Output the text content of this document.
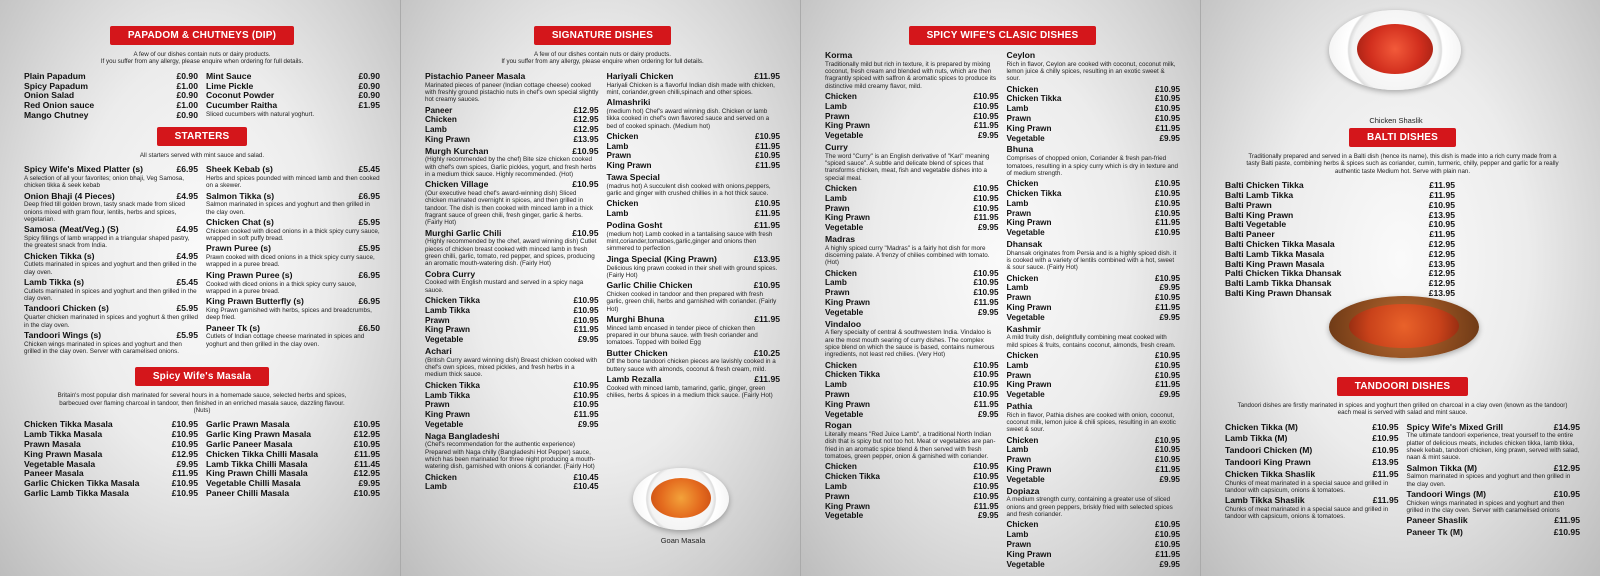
PAPADOM & CHUTNEYS (DIP)
A few of our dishes contain nuts or dairy products.
If you suffer from any allergy, please enquire when ordering for full details.
Plain Papadum	£0.90
Spicy Papadum	£1.00
Onion Salad	£0.90
Red Onion sauce	£1.00
Mango Chutney	£0.90
Mint Sauce	£0.90
Lime Pickle	£0.90
Coconut Powder	£0.90
Cucumber Raitha	£1.95
Sliced cucumbers with natural yoghurt.
STARTERS
All starters served with mint sauce and salad.
Spicy Wife's Mixed Platter (s)	£6.95
A selection of all your favorites; onion bhaji, Veg Samosa, chicken tikka & seek kebab
Onion Bhaji (4 Pieces)	£4.95
Deep fried till golden brown, tasty snack made from sliced onions mixed with gram flour, lentils, herbs and spices, vegetarian.
Samosa (Meat/Veg.) (S)	£4.95
Spicy fillings of lamb wrapped in a triangular shaped pastry, the greatest snack from India.
Chicken Tikka (s)	£4.95
Cutlets marinated in spices and yoghurt and then grilled in the clay oven.
Lamb Tikka (s)	£5.45
Cutlets marinated in spices and yoghurt and then grilled in the clay oven.
Tandoori Chicken (s)	£5.95
Quarter chicken marinated in spices and yoghurt & then grilled in the clay oven.
Tandoori Wings (s)	£5.95
Chicken wings marinated in spices and yoghurt and then grilled in the clay oven. Server with caramelised onions.
Sheek Kebab (s)	£5.45
Herbs and spices pounded with minced lamb and then cooked on a skewer.
Salmon Tikka (s)	£6.95
Salmon marinated in spices and yoghurt and then grilled in the clay oven.
Chicken Chat (s)	£5.95
Chicken cooked with diced onions in a thick spicy curry sauce, wrapped in soft puffy bread.
Prawn Puree (s)	£5.95
Prawn cooked with diced onions in a thick spicy curry sauce, wrapped in a puree bread.
King Prawn Puree (s)	£6.95
Cooked with diced onions in a thick spicy curry sauce, wrapped in a puree bread.
King Prawn Butterfly (s)	£6.95
King Prawn garnished with herbs, spices and breadcrumbs, deep fried.
Paneer Tk (s)	£6.50
Cutlets of Indian cottage cheese marinated in spices and yoghurt and then grilled in the clay oven.
Spicy Wife's Masala
Britain's most popular dish marinated for several hours in a homemade sauce, selected herbs and spices, barbecued over flaming charcoal in tandoor, then finished in an enriched masala sauce, dazzling flavour. (Nuts)
Chicken Tikka Masala	£10.95
Lamb Tikka Masala	£10.95
Prawn Masala	£10.95
King Prawn Masala	£12.95
Vegetable Masala	£9.95
Paneer Masala	£11.95
Garlic Chicken Tikka Masala	£10.95
Garlic Lamb Tikka Masala	£10.95
Garlic Prawn Masala	£10.95
Garlic King Prawn Masala	£12.95
Garlic Paneer Masala	£10.95
Chicken Tikka Chilli Masala	£11.95
Lamb Tikka Chilli Masala	£11.45
King Prawn Chilli Masala	£12.95
Vegetable Chilli Masala	£9.95
Paneer Chilli Masala	£10.95
SIGNATURE DISHES
A few of our dishes contain nuts or dairy products.
If you suffer from any allergy, please enquire when ordering for full details.
Pistachio Paneer Masala
Marinated pieces of paneer (Indian cottage cheese) cooked with freshly ground pistachio nuts in chef's own special slightly hot creamy sauces.
Paneer	£12.95
Chicken	£12.95
Lamb	£12.95
King Prawn	£13.95
Murgh Kurchan	£10.95
(Highly recommended by the chef) Bite size chicken cooked with chef's own spices, Garlic pickles, yogurt, and fresh herbs in a medium thick sauce. Highly recommended. (Hot)
Chicken Village	£10.95
(Our executive head chef's award-winning dish) Sliced chicken marinated overnight in spices, and then grilled in tandoor. The dish is then cooked with minced lamb in a thick fragrant sauce of green chili, fresh ginger, garlic & herbs. (Fairly Hot)
Murghi Garlic Chili	£10.95
(Highly recommended by the chef, award winning dish) Cutlet pieces of chicken breast cooked with minced lamb in fresh green chilli, garlic, tomato, red pepper, and spices, producing an aromatic mouth-watering dish. (Fairly Hot)
Cobra Curry
Cooked with English mustard and served in a spicy naga sauce.
Chicken Tikka	£10.95
Lamb Tikka	£10.95
Prawn	£10.95
King Prawn	£11.95
Vegetable	£9.95
Achari
(British Curry award winning dish) Breast chicken cooked with chef's own spices, mixed pickles, and fresh herbs in a medium thick sauce.
Chicken Tikka	£10.95
Lamb Tikka	£10.95
Prawn	£10.95
King Prawn	£11.95
Vegetable	£9.95
Naga Bangladeshi
(Chef's recommendation for the authentic experience) Prepared with Naga chilly (Bangladeshi Hot Pepper) sauce, which has been marinated for three night producing a mouth-watering dish, garnished with onions & coriander. (Fairly Hot)
Chicken	£10.45
Lamb	£10.45
Hariyali Chicken	£11.95
Hariyali Chicken is a flavorful Indian dish made with chicken, mint, coriander,green chilli,spinach and other spices.
Almashriki
(medium hot) Chef's award winning dish. Chicken or lamb tikka cooked in chef's own flavored sauce and served on a bed of cooked spinach. (Medium hot)
Chicken	£10.95
Lamb	£11.95
Prawn	£10.95
King Prawn	£11.95
Tawa Special
(madrus hot) A succulent dish cooked with onions,peppers, garlic and ginger with crushed chillies in a hot thick sauce.
Chicken	£10.95
Lamb	£11.95
Podina Gosht	£11.95
(medium hot) Lamb cooked in a tantalising sauce with fresh mint,coriander,tomatoes,garlic,ginger and onions then simmered to perfection
Jinga Special (King Prawn)	£13.95
Delicious king prawn cooked in their shell with ground spices. (Fairly Hot)
Garlic Chilie Chicken	£10.95
Chicken cooked in tandoor and then prepared with fresh garlic, green chili, herbs and garnished with coriander. (Fairly Hot)
Murghi Bhuna	£11.95
Minced lamb encased in tender piece of chicken then prepared in our bhuna sauce. with fresh coriander and tomatoes. Topped with boiled Egg
Butter Chicken	£10.25
Off the bone tandoori chicken pieces are lavishly cooked in a buttery sauce with almonds, coconut & fresh cream, mild.
Lamb Rezalla	£11.95
Cooked with minced lamb, tamarind, garlic, ginger, green chilies, herbs & spices in a medium thick sauce. (Fairly Hot)
Goan Masala
SPICY WIFE'S CLASIC DISHES
Korma
Traditionally mild but rich in texture, it is prepared by mixing coconut, fresh cream and blended with nuts, which are then fragrantly spiced with saffron & aromatic spices to produce its distinctive mild creamy flavor, mild.
Chicken	£10.95
Lamb	£10.95
Prawn	£10.95
King Prawn	£11.95
Vegetable	£9.95
Curry
The word "Curry" is an English derivative of "Kari" meaning "spiced sauce". A subtle and delicate blend of spices that transforms chicken, meat, fish and vegetable dishes into a special meal.
Chicken	£10.95
Lamb	£10.95
Prawn	£10.95
King Prawn	£11.95
Vegetable	£9.95
Madras
A highly spiced curry "Madras" is a fairly hot dish for more discerning palate. A frenzy of chilies combined with tomato. (Hot)
Chicken	£10.95
Lamb	£10.95
Prawn	£10.95
King Prawn	£11.95
Vegetable	£9.95
Vindaloo
A fiery specialty of central & southwestern India. Vindaloo is are the most mouth searing of curry dishes. The complex spice blend on which the sauce is based, contains numerous ingredients, not least red chilies. (Very Hot)
Chicken	£10.95
Chicken Tikka	£10.95
Lamb	£10.95
Prawn	£10.95
King Prawn	£11.95
Vegetable	£9.95
Rogan
Literally means "Red Juice Lamb", a traditional North Indian dish that is spicy but not too hot. Meat or vegetables are pan-fried in an aromatic spice blend & then served with fresh tomatoes, green pepper, onion & garnished with coriander.
Chicken	£10.95
Chicken Tikka	£10.95
Lamb	£10.95
Prawn	£10.95
King Prawn	£11.95
Vegetable	£9.95
Ceylon
Rich in flavor, Ceylon are cooked with coconut, coconut milk, lemon juice & chilly spices, resulting in an exotic sweet & sour.
Chicken	£10.95
Chicken Tikka	£10.95
Lamb	£10.95
Prawn	£10.95
King Prawn	£11.95
Vegetable	£9.95
Bhuna
Comprises of chopped onion, Coriander & fresh pan-fried tomatoes, resulting in a spicy curry which is dry in texture and of medium strength.
Chicken	£10.95
Chicken Tikka	£10.95
Lamb	£10.95
Prawn	£10.95
King Prawn	£11.95
Vegetable	£10.95
Dhansak
Dhansak originates from Persia and is a highly spiced dish. it is cooked with a variety of lentils combined with a hot, sweet & sour sauce. (Fairly Hot)
Chicken	£10.95
Lamb	£9.95
Prawn	£10.95
King Prawn	£11.95
Vegetable	£9.95
Kashmir
A mild fruity dish, delightfully combining meat cooked with mild spices & fruits, contains coconut, almonds, fresh cream.
Chicken	£10.95
Lamb	£10.95
Prawn	£10.95
King Prawn	£11.95
Vegetable	£9.95
Pathia
Rich in flavor, Pathia dishes are cooked with onion, coconut, coconut milk, lemon juice & chili spices, resulting in an exotic sweet & sour.
Chicken	£10.95
Lamb	£10.95
Prawn	£10.95
King Prawn	£11.95
Vegetable	£9.95
Dopiaza
A medium strength curry, containing a greater use of sliced onions and green peppers, briskly fried with selected spices and fresh coriander.
Chicken	£10.95
Lamb	£10.95
Prawn	£10.95
King Prawn	£11.95
Vegetable	£9.95
Chicken Shaslik
BALTI DISHES
Traditionally prepared and served in a Balti dish (hence its name), this dish is made into a rich curry made from a tasty Balti paste, combining herbs & spices such as coriander, cumin, turmeric, chilly, pepper and garlic for a really authentic taste Medium hot. Serve with plain nan.
Balti Chicken Tikka	£11.95
Balti Lamb Tikka	£11.95
Balti Prawn	£10.95
Balti King Prawn	£13.95
Balti Vegetable	£10.95
Balti Paneer	£11.95
Balti Chicken Tikka Masala	£12.95
Balti Lamb Tikka Masala	£12.95
Balti King Prawn Masala	£13.95
Palti Chicken Tikka Dhansak	£12.95
Balti Lamb Tikka Dhansak	£12.95
Balti King Prawn Dhansak	£13.95
TANDOORI DISHES
Tandoori dishes are firstly marinated in spices and yoghurt then grilled on charcoal in a clay oven (known as the tandoor) each meal is served with salad and mint sauce.
Chicken Tikka (M)	£10.95
Lamb Tikka (M)	£10.95
Tandoori Chicken (M)	£10.95
Tandoori King Prawn	£13.95
Chicken Tikka Shaslik	£11.95
Chunks of meat marinated in a special sauce and grilled in tandoor with capsicum, onions & tomatoes.
Lamb Tikka Shaslik	£11.95
Chunks of meat marinated in a special sauce and grilled in tandoor with capsicum, onions & tomatoes.
Spicy Wife's Mixed Grill	£14.95
The ultimate tandoori experience, treat yourself to the entire platter of delicious meats, includes chicken tikka, lamb tikka, sheek kebab, tandoori chicken, king prawn, served with salad, naan & mint sauce.
Salmon Tikka (M)	£12.95
Salmon marinated in spices and yoghurt and then grilled in the clay oven.
Tandoori Wings (M)	£10.95
Chicken wings marinated in spices and yoghurt and then grilled in the clay oven. Server with caramelised onions
Paneer Shaslik	£11.95
Paneer Tk (M)	£10.95
